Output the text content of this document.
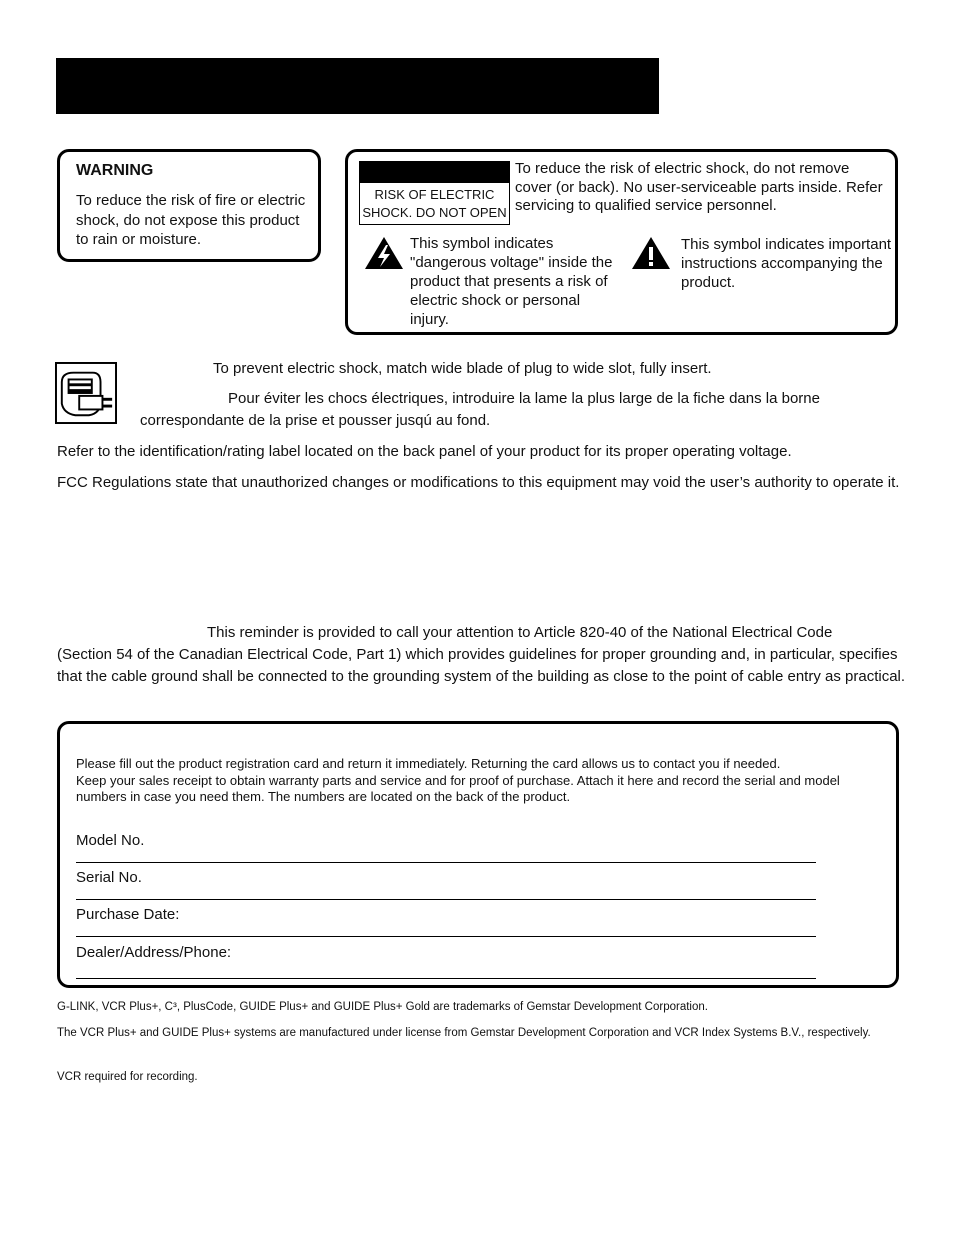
WARNING
To reduce the risk of fire or electric shock, do not expose this product to rain or moisture.
RISK OF ELECTRIC SHOCK. DO NOT OPEN
To reduce the risk of electric shock, do not remove cover (or back). No user-serviceable parts inside. Refer servicing to qualified service personnel.
This symbol indicates "dangerous voltage" inside the product that presents a risk of electric shock or personal injury.
This symbol indicates important instructions accompanying the product.
To prevent electric shock, match wide blade of plug to wide slot, fully insert.
Pour éviter les chocs électriques, introduire la lame la plus large de la fiche dans la borne
correspondante de la prise et pousser jusqú au fond.
Refer to the identification/rating label located on the back panel of your product for its proper operating voltage.
FCC Regulations state that unauthorized changes or modifications to this equipment may void the user’s authority to operate it.
This reminder is provided to call your attention to Article 820-40 of the National Electrical Code
(Section 54 of the Canadian Electrical Code, Part 1) which provides guidelines for proper grounding and, in particular, specifies that the cable ground shall be connected to the grounding system of the building as close to the point of cable entry as practical.
Please fill out the product registration card and return it immediately. Returning the card allows us to contact you if needed.
Keep your sales receipt to obtain warranty parts and service and for proof of purchase. Attach it here and record the serial and model numbers in case you need them. The numbers are located on the back of the product.
Model No.
Serial No.
Purchase Date:
Dealer/Address/Phone:
G-LINK, VCR Plus+, C³, PlusCode, GUIDE Plus+ and GUIDE Plus+ Gold are trademarks of Gemstar Development Corporation.
The VCR Plus+ and GUIDE Plus+ systems are manufactured under license from Gemstar Development Corporation and VCR Index Systems B.V., respectively.
VCR required for recording.
